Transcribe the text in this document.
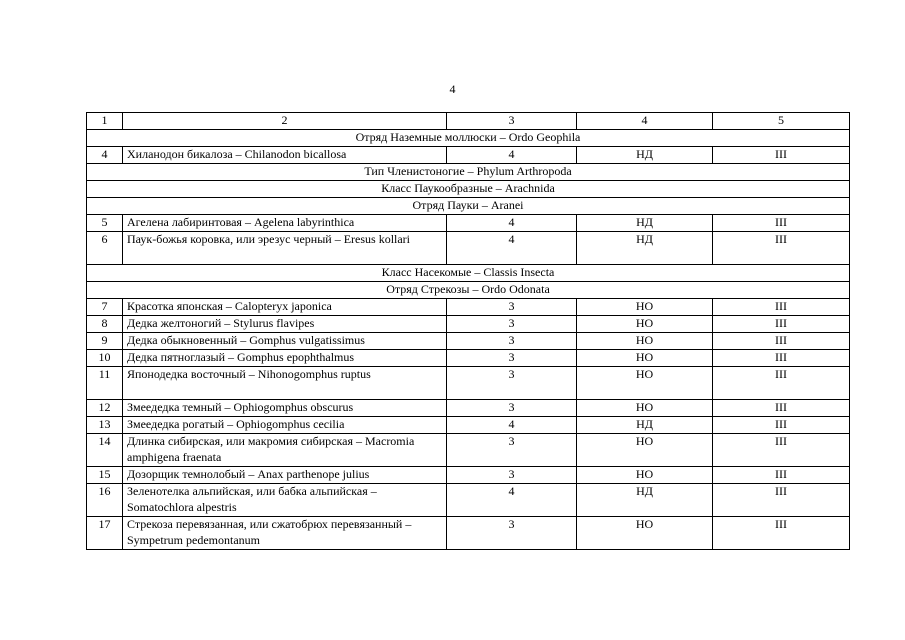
4
1	2	3	4	5
Отряд Наземные моллюски – Ordo Geophila				
4	Хиланодон бикалоза – Chilanodon bicallosa	4	НД	III
Тип Членистоногие – Phylum Arthropoda				
Класс Паукообразные – Arachnida				
Отряд Пауки – Aranei				
5	Агелена лабиринтовая – Agelena labyrinthica	4	НД	III
6	Паук-божья коровка, или эрезус черный – Eresus kollari	4	НД	III
Класс Насекомые – Classis Insecta				
Отряд Стрекозы – Ordo Odonata				
7	Красотка японская – Calopteryx japonica	3	НО	III
8	Дедка желтоногий – Stylurus flavipes	3	НО	III
9	Дедка обыкновенный – Gomphus vulgatissimus	3	НО	III
10	Дедка пятноглазый – Gomphus epophthalmus	3	НО	III
11	Японодедка восточный – Nihonogomphus ruptus	3	НО	III
12	Змеедедка темный – Ophiogomphus obscurus	3	НО	III
13	Змеедедка рогатый – Ophiogomphus cecilia	4	НД	III
14	Длинка сибирская, или макромия сибирская – Macromia amphigena fraenata	3	НО	III
15	Дозорщик темнолобый – Anax parthenope julius	3	НО	III
16	Зеленотелка альпийская, или бабка альпийская – Somatochlora alpestris	4	НД	III
17	Стрекоза перевязанная, или сжатобрюх перевязанный – Sympetrum pedemontanum	3	НО	III
